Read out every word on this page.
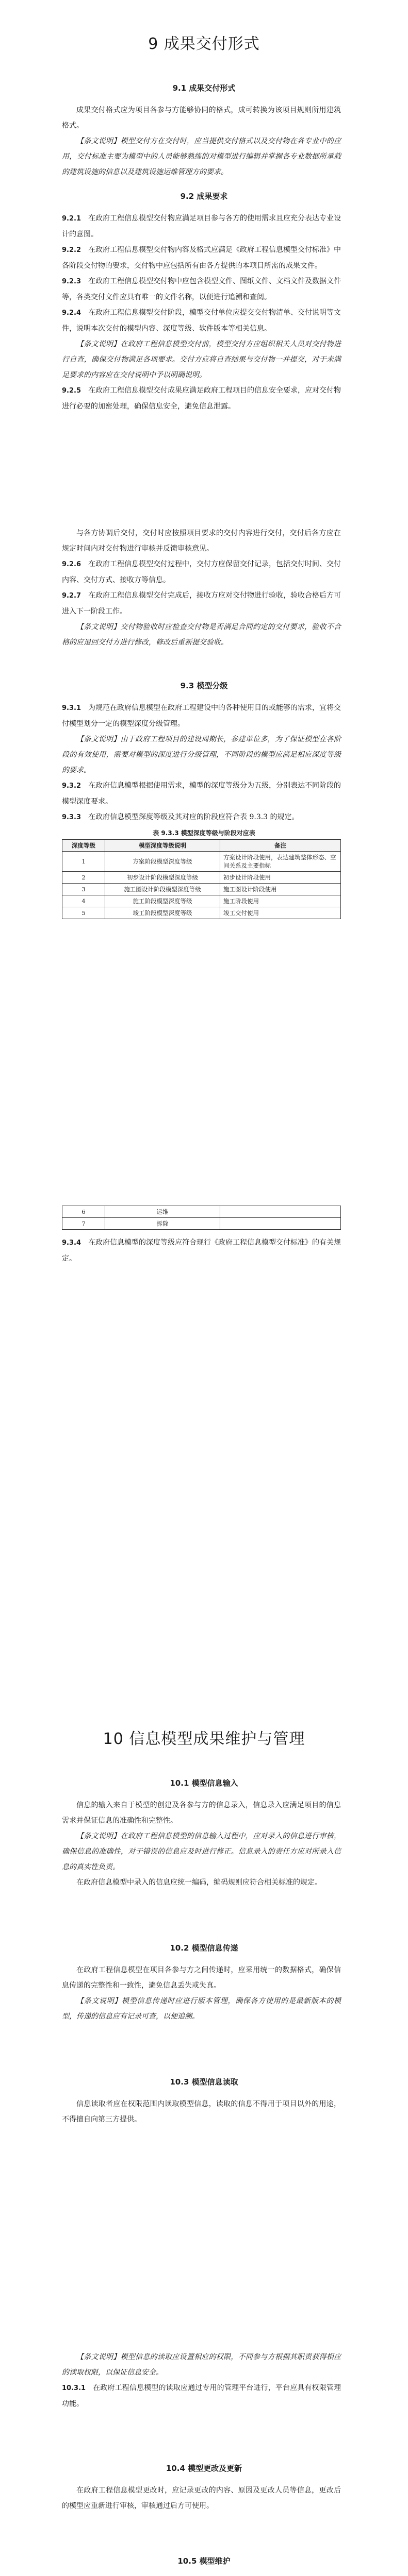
9 成果交付形式
9.1 成果交付形式

成果交付格式应为项目各参与方能够协同的格式，成可转换为该项目规则所用建筑格式。

【条文说明】模型交付方在交付时，应当提供交付格式以及交付物在各专业中的应用，交付标准主要为模型中的人员能够熟练的对模型进行编辑并掌握各专业数据所承载的建筑设施的信息以及建筑设施运维管理方的要求。

9.2 成果要求

9.2.1 在政府工程信息模型交付物应满足项目参与各方的使用需求且应充分表达专业设计的意图。

9.2.2 在政府工程信息模型交付物内容及格式应满足《政府工程信息模型交付标准》中各阶段交付物的要求，交付物中应包括所有由各方提供的本项目所需的成果文件。

9.2.3 在政府工程信息模型交付物中应包含模型文件、图纸文件、文档文件及数据文件等，各类交付文件应具有唯一的文件名称，以便进行追溯和查阅。

9.2.4 在政府工程信息模型交付阶段，模型交付单位应提交交付物清单、交付说明等文件，说明本次交付的模型内容、深度等级、软件版本等相关信息。

【条文说明】在政府工程信息模型交付前，模型交付方应组织相关人员对交付物进行自查，确保交付物满足各项要求。交付方应将自查结果与交付物一并提交，对于未满足要求的内容应在交付说明中予以明确说明。

9.2.5 在政府工程信息模型交付成果应满足政府工程项目的信息安全要求，应对交付物进行必要的加密处理，确保信息安全，避免信息泄露。

与各方协调后交付，交付时应按照项目要求的交付内容进行交付，交付后各方应在规定时间内对交付物进行审核并反馈审核意见。

9.2.6 在政府工程信息模型交付过程中，交付方应保留交付记录，包括交付时间、交付内容、交付方式、接收方等信息。

9.2.7 在政府工程信息模型交付完成后，接收方应对交付物进行验收，验收合格后方可进入下一阶段工作。

【条文说明】交付物验收时应检查交付物是否满足合同约定的交付要求，验收不合格的应退回交付方进行修改，修改后重新提交验收。

9.3 模型分级

9.3.1 为规范在政府信息模型在政府工程建设中的各种使用目的或能够的需求，宜将交付模型划分一定的模型深度分级管理。

【条文说明】由于政府工程项目的建设周期长，参建单位多，为了保证模型在各阶段的有效使用，需要对模型的深度进行分级管理，不同阶段的模型应满足相应深度等级的要求。

9.3.2 在政府信息模型根据使用需求，模型的深度等级分为五级，分别表达不同阶段的模型深度要求。

9.3.3 在政府信息模型深度等级及其对应的阶段应符合表 9.3.3 的规定。

表 9.3.3 模型深度等级与阶段对应表

深度等级	模型深度等级说明	备注
1	方案阶段模型深度等级	方案设计阶段使用，表达建筑整体形态、空间关系及主要指标
2	初步设计阶段模型深度等级	初步设计阶段使用
3	施工图设计阶段模型深度等级	施工图设计阶段使用
4	施工阶段模型深度等级	施工阶段使用
5	竣工阶段模型深度等级	竣工交付使用
6	运维	
7	拆除	

9.3.4 在政府信息模型的深度等级应符合现行《政府工程信息模型交付标准》的有关规定。

10 信息模型成果维护与管理
10.1 模型信息输入

信息的输入来自于模型的创建及各参与方的信息录入，信息录入应满足项目的信息需求并保证信息的准确性和完整性。

【条文说明】在政府工程信息模型的信息输入过程中，应对录入的信息进行审核，确保信息的准确性，对于错误的信息应及时进行修正。信息录入的责任方应对所录入信息的真实性负责。

在政府信息模型中录入的信息应统一编码，编码规则应符合相关标准的规定。

10.2 模型信息传递

在政府工程信息模型在项目各参与方之间传递时，应采用统一的数据格式，确保信息传递的完整性和一致性，避免信息丢失或失真。

【条文说明】模型信息传递时应进行版本管理，确保各方使用的是最新版本的模型，传递的信息应有记录可查，以便追溯。

10.3 模型信息读取

信息读取者应在权限范围内读取模型信息，读取的信息不得用于项目以外的用途，不得擅自向第三方提供。

【条文说明】模型信息的读取应设置相应的权限，不同参与方根据其职责获得相应的读取权限，以保证信息安全。

10.3.1 在政府工程信息模型的读取应通过专用的管理平台进行，平台应具有权限管理功能。

10.4 模型更改及更新

在政府工程信息模型更改时，应记录更改的内容、原因及更改人员等信息，更改后的模型应重新进行审核，审核通过后方可使用。

10.5 模型维护
